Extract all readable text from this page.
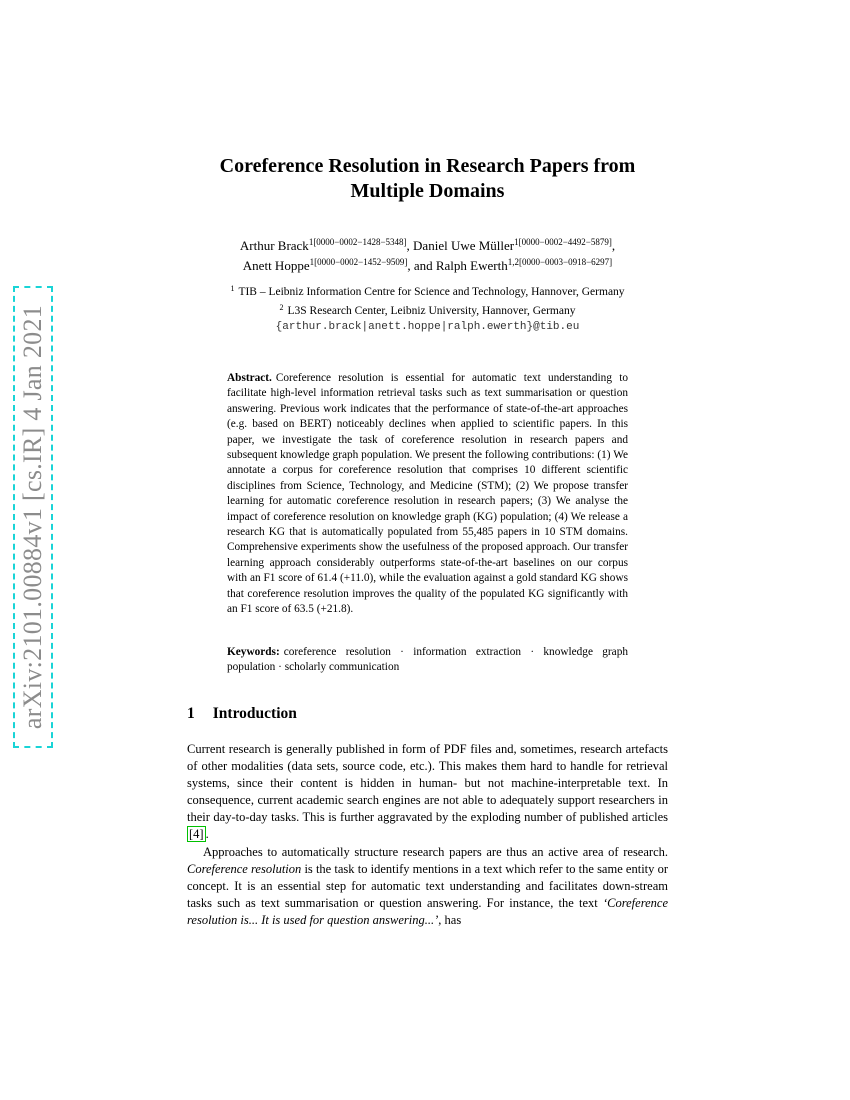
arXiv:2101.00884v1 [cs.IR] 4 Jan 2021
Coreference Resolution in Research Papers from
Multiple Domains
Arthur Brack$^{1[0000-0002-1428-5348]}$, Daniel Uwe Müller$^{1[0000-0002-4492-5879]}$,
Anett Hoppe$^{1[0000-0002-1452-9509]}$, and Ralph Ewerth$^{1,2[0000-0003-0918-6297]}$
$^1$ TIB – Leibniz Information Centre for Science and Technology, Hannover, Germany
$^2$ L3S Research Center, Leibniz University, Hannover, Germany
{arthur.brack|anett.hoppe|ralph.ewerth}@tib.eu
Abstract. Coreference resolution is essential for automatic text understanding to facilitate high-level information retrieval tasks such as text summarisation or question answering. Previous work indicates that the performance of state-of-the-art approaches (e.g. based on BERT) noticeably declines when applied to scientific papers. In this paper, we investigate the task of coreference resolution in research papers and subsequent knowledge graph population. We present the following contributions: (1) We annotate a corpus for coreference resolution that comprises 10 different scientific disciplines from Science, Technology, and Medicine (STM); (2) We propose transfer learning for automatic coreference resolution in research papers; (3) We analyse the impact of coreference resolution on knowledge graph (KG) population; (4) We release a research KG that is automatically populated from 55,485 papers in 10 STM domains. Comprehensive experiments show the usefulness of the proposed approach. Our transfer learning approach considerably outperforms state-of-the-art baselines on our corpus with an F1 score of 61.4 (+11.0), while the evaluation against a gold standard KG shows that coreference resolution improves the quality of the populated KG significantly with an F1 score of 63.5 (+21.8).
Keywords: coreference resolution · information extraction · knowledge graph population · scholarly communication
1 Introduction

Current research is generally published in form of PDF files and, sometimes, research artefacts of other modalities (data sets, source code, etc.). This makes them hard to handle for retrieval systems, since their content is hidden in human- but not machine-interpretable text. In consequence, current academic search engines are not able to adequately support researchers in their day-to-day tasks. This is further aggravated by the exploding number of published articles [4] .

Approaches to automatically structure research papers are thus an active area of research. Coreference resolution is the task to identify mentions in a text which refer to the same entity or concept. It is an essential step for automatic text understanding and facilitates down-stream tasks such as text summarisation or question answering. For instance, the text ‘Coreference resolution is... It is used for question answering...’, has
